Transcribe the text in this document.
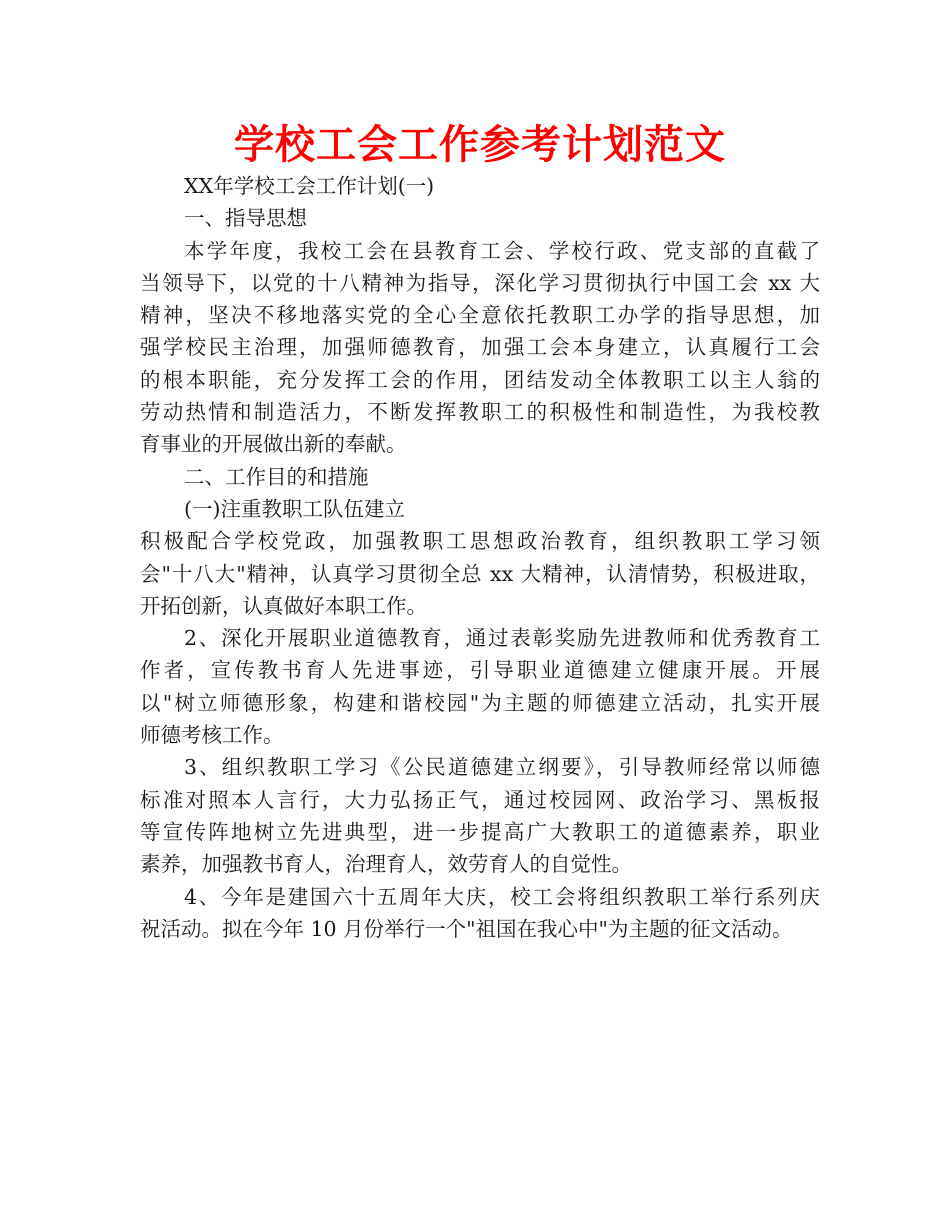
学校工会工作参考计划范文

XX年学校工会工作计划(一)

一、指导思想

本学年度，我校工会在县教育工会、学校行政、党支部的直截了

当领导下，以党的十八精神为指导，深化学习贯彻执行中国工会 xx 大

精神，坚决不移地落实党的全心全意依托教职工办学的指导思想，加

强学校民主治理，加强师德教育，加强工会本身建立，认真履行工会

的根本职能，充分发挥工会的作用，团结发动全体教职工以主人翁的

劳动热情和制造活力，不断发挥教职工的积极性和制造性，为我校教

育事业的开展做出新的奉献。

二、工作目的和措施

(一)注重教职工队伍建立

积极配合学校党政，加强教职工思想政治教育，组织教职工学习领

会"十八大"精神，认真学习贯彻全总 xx 大精神，认清情势，积极进取，

开拓创新，认真做好本职工作。

2、深化开展职业道德教育，通过表彰奖励先进教师和优秀教育工

作者，宣传教书育人先进事迹，引导职业道德建立健康开展。开展

以"树立师德形象，构建和谐校园"为主题的师德建立活动，扎实开展

师德考核工作。

3、组织教职工学习《公民道德建立纲要》，引导教师经常以师德

标准对照本人言行，大力弘扬正气，通过校园网、政治学习、黑板报

等宣传阵地树立先进典型，进一步提高广大教职工的道德素养，职业

素养，加强教书育人，治理育人，效劳育人的自觉性。

4、今年是建国六十五周年大庆，校工会将组织教职工举行系列庆

祝活动。拟在今年 10 月份举行一个"祖国在我心中"为主题的征文活动。
